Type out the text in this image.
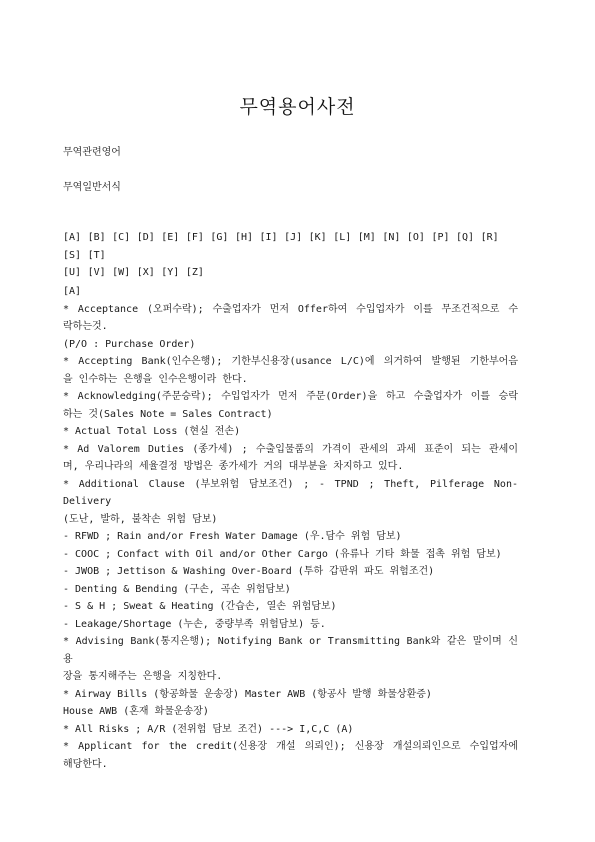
무역용어사전
무역관련영어
무역일반서식
[A] [B] [C] [D] [E] [F] [G] [H] [I] [J] [K] [L] [M] [N] [O] [P] [Q] [R][S] [T]
[U] [V] [W] [X] [Y] [Z]
[A]
* Acceptance (오퍼수락); 수출업자가 먼저 Offer하여 수입업자가 이를 무조건적으로 수
락하는것.
(P/O : Purchase Order)
* Accepting Bank(인수은행); 기한부신용장(usance L/C)에 의거하여 발행된 기한부어음
을 인수하는 은행을 인수은행이라 한다.
* Acknowledging(주문승락); 수입업자가 먼저 주문(Order)을 하고 수출업자가 이를 승락
하는 것(Sales Note = Sales Contract)
* Actual Total Loss (현실 전손)
* Ad Valorem Duties (종가세) ; 수출입물품의 가격이 관세의 과세 표준이 되는 관세이
며, 우리나라의 세율결정 방법은 종가세가 거의 대부분을 차지하고 있다.
* Additional Clause (부보위험 담보조건) ; - TPND ; Theft, Pilferage Non-Delivery
(도난, 발하, 불착손 위험 담보)
- RFWD ; Rain and/or Fresh Water Damage (우.담수 위험 담보)
- COOC ; Confact with Oil and/or Other Cargo (유류나 기타 화물 접촉 위험 담보)
- JWOB ; Jettison & Washing Over-Board (투하 갑판위 파도 위험조건)
- Denting & Bending (구손, 곡손 위험담보)
- S & H ; Sweat & Heating (간습손, 열손 위험담보)
- Leakage/Shortage (누손, 중량부족 위험담보) 등.
* Advising Bank(통지은행); Notifying Bank or Transmitting Bank와 같은 말이며 신용
장을 통지해주는 은행을 지칭한다.
* Airway Bills (항공화물 운송장) Master AWB (항공사 발행 화물상환증)
House AWB (혼재 화물운송장)
* All Risks ; A/R (전위험 담보 조건) ---> I,C,C (A)
* Applicant for the credit(신용장 개설 의뢰인); 신용장 개설의뢰인으로 수입업자에
해당한다.
